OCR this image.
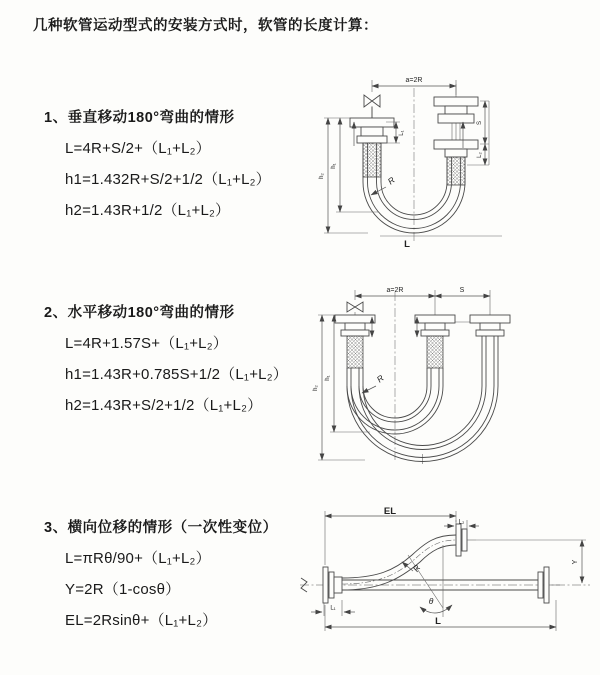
几种软管运动型式的安装方式时，软管的长度计算：
1、垂直移动180°弯曲的情形
L=4R+S/2+（L₁+L₂）
h1=1.432R+S/2+1/2（L₁+L₂）
h2=1.43R+1/2（L₁+L₂）
2、水平移动180°弯曲的情形
L=4R+1.57S+（L₁+L₂）
h1=1.43R+0.785S+1/2（L₁+L₂）
h2=1.43R+S/2+1/2（L₁+L₂）
3、横向位移的情形（一次性变位）
L=πRθ/90+（L₁+L₂）
Y=2R（1-cosθ）
EL=2Rsinθ+（L₁+L₂）
a=2R
L₁
S
L₂
h₂
h₁
R
L
a=2R	S
h₂
h₁	R
EL
L₂
Y
θ
R
L₁
L
